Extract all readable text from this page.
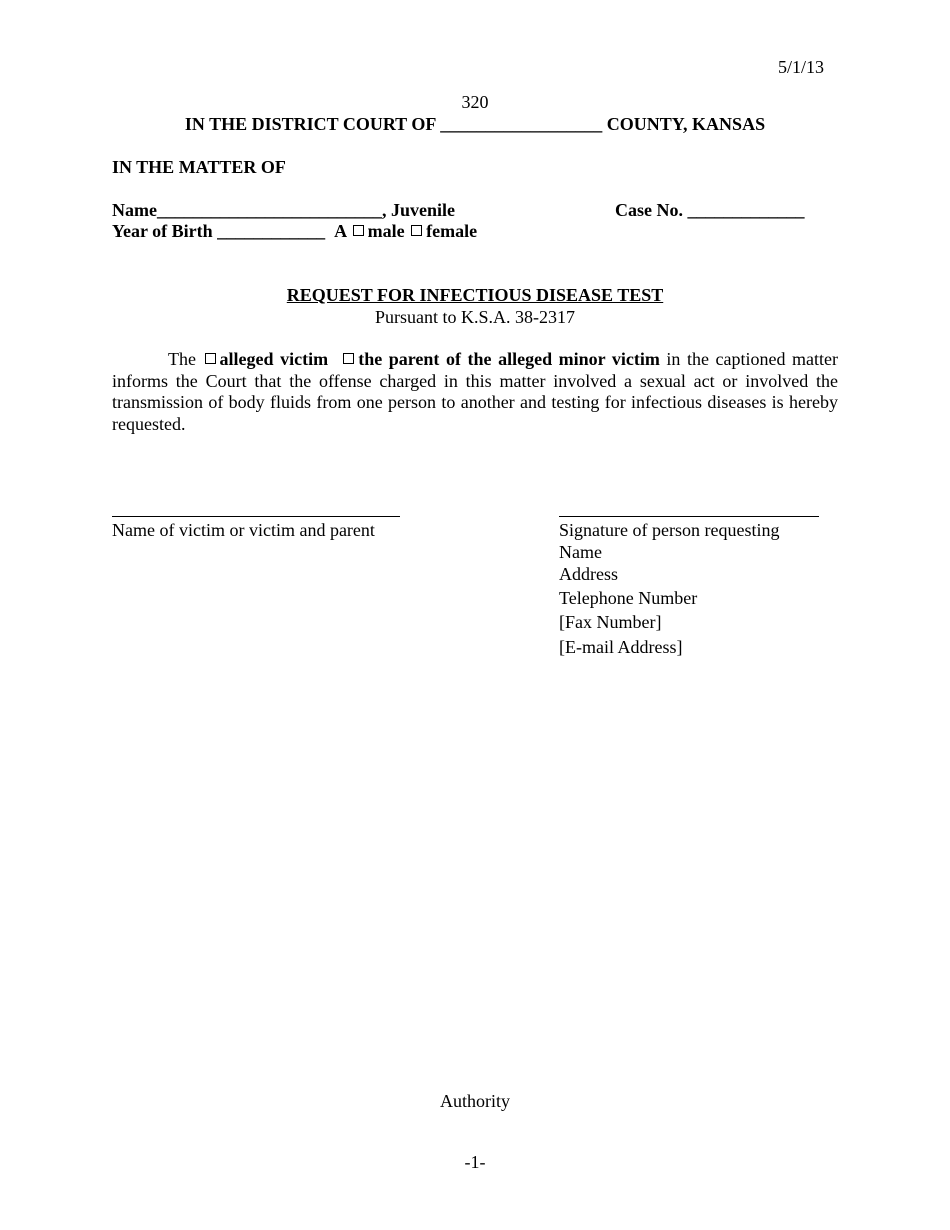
5/1/13
320
IN THE DISTRICT COURT OF __________________ COUNTY, KANSAS
IN THE MATTER OF
Name_________________________, Juvenile	Case No. _____________
Year of Birth ____________ A male female
REQUEST FOR INFECTIOUS DISEASE TEST
Pursuant to K.S.A. 38-2317
The alleged victim the parent of the alleged minor victim in the captioned matter informs the Court that the offense charged in this matter involved a sexual act or involved the transmission of body fluids from one person to another and testing for infectious diseases is hereby requested.
Name of victim or victim and parent	Signature of person requesting
Name
Address
Telephone Number
[Fax Number]
[E-mail Address]
Authority
-1-
